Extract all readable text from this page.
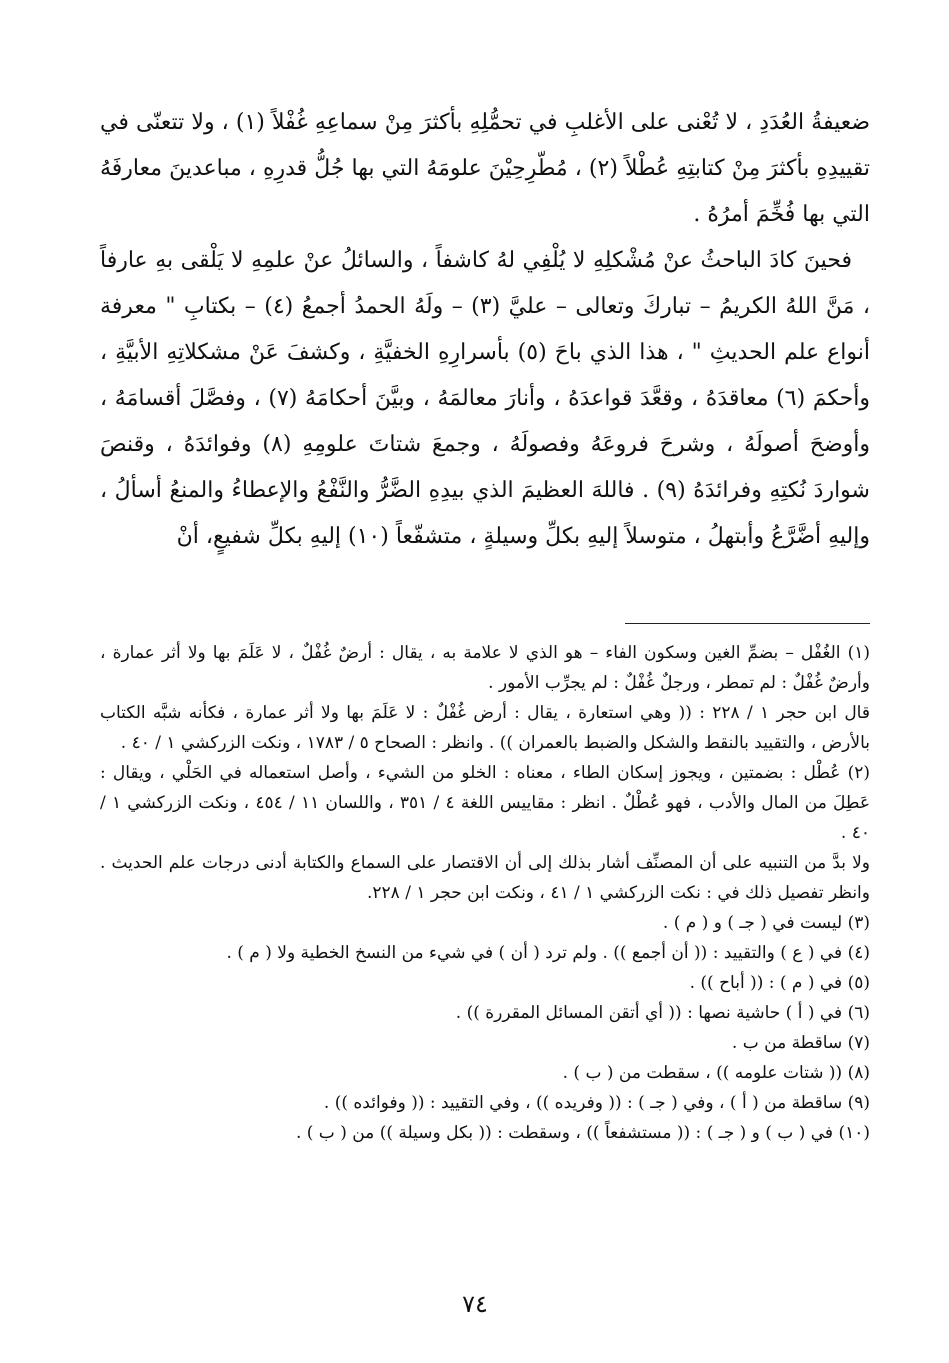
ضعيفةُ العُدَدِ ، لا تُعْنى على الأغلبِ في تحمُّلِهِ بأكثرَ مِنْ سماعِهِ غُفْلاً (١) ، ولا تتعنّى في تقييدِهِ بأكثرَ مِنْ كتابتِهِ عُطْلاً (٢) ، مُطّرِحِيْنَ علومَهُ التي بها جُلُّ قدرِهِ ، مباعدينَ معارفَهُ التي بها فُخِّمَ أمرُهُ .

فحينَ كادَ الباحثُ عنْ مُشْكلِهِ لا يُلْفِي لهُ كاشفاً ، والسائلُ عنْ علمِهِ لا يَلْقى بهِ عارفاً ، مَنَّ اللهُ الكريمُ – تباركَ وتعالى – عليَّ (٣) – ولَهُ الحمدُ أجمعُ (٤) – بكتابِ " معرفة أنواع علم الحديثِ " ، هذا الذي باحَ (٥) بأسرارِهِ الخفيَّةِ ، وكشفَ عَنْ مشكلاتِهِ الأبيَّةِ ، وأحكمَ (٦) معاقدَهُ ، وقعَّدَ قواعدَهُ ، وأنارَ معالمَهُ ، وبيَّنَ أحكامَهُ (٧) ، وفصَّلَ أقسامَهُ ، وأوضحَ أصولَهُ ، وشرحَ فروعَهُ وفصولَهُ ، وجمعَ شتاتَ علومِهِ (٨) وفوائدَهُ ، وقنصَ شواردَ نُكتِهِ وفرائدَهُ (٩) . فاللهَ العظيمَ الذي بيدِهِ الضَّرُّ والنَّفْعُ والإعطاءُ والمنعُ أسألُ ، وإليهِ أضَّرَّعُ وأبتهلُ ، متوسلاً إليهِ بكلِّ وسيلةٍ ، متشفّعاً (١٠) إليهِ بكلِّ شفيعٍ، أنْ

(١) الغُفْل – بضمِّ الغين وسكون الفاء – هو الذي لا علامة به ، يقال : أرضٌ غُفْلٌ ، لا عَلَمَ بها ولا أثر عمارة ، وأرضٌ غُفْلٌ : لم تمطر ، ورجلٌ غُفْلٌ : لم يجرِّب الأمور .

قال ابن حجر ١ / ٢٢٨ : (( وهي استعارة ، يقال : أرض غُفْلٌ : لا عَلَمَ بها ولا أثر عمارة ، فكأنه شبَّه الكتاب بالأرض ، والتقييد بالنقط والشكل والضبط بالعمران )) . وانظر : الصحاح ٥ / ١٧٨٣ ، ونكت الزركشي ١ / ٤٠ .

(٢) عُطْل : بضمتين ، ويجوز إسكان الطاء ، معناه : الخلو من الشيء ، وأصل استعماله في الحَلْي ، ويقال : عَطِلَ من المال والأدب ، فهو عُطْلٌ . انظر : مقاييس اللغة ٤ / ٣٥١ ، واللسان ١١ / ٤٥٤ ، ونكت الزركشي ١ / ٤٠ .

ولا بدَّ من التنبيه على أن المصنِّف أشار بذلك إلى أن الاقتصار على السماع والكتابة أدنى درجات علم الحديث . وانظر تفصيل ذلك في : نكت الزركشي ١ / ٤١ ، ونكت ابن حجر ١ / ٢٢٨.

(٣) ليست في ( جـ ) و ( م ) .

(٤) في ( ع ) والتقييد : (( أن أجمع )) . ولم ترد ( أن ) في شيء من النسخ الخطية ولا ( م ) .

(٥) في ( م ) : (( أباح )) .

(٦) في ( أ ) حاشية نصها : (( أي أتقن المسائل المقررة )) .

(٧) ساقطة من ب .

(٨) (( شتات علومه )) ، سقطت من ( ب ) .

(٩) ساقطة من ( أ ) ، وفي ( جـ ) : (( وفريده )) ، وفي التقييد : (( وفوائده )) .

(١٠) في ( ب ) و ( جـ ) : (( مستشفعاً )) ، وسقطت : (( بكل وسيلة )) من ( ب ) .

٧٤
